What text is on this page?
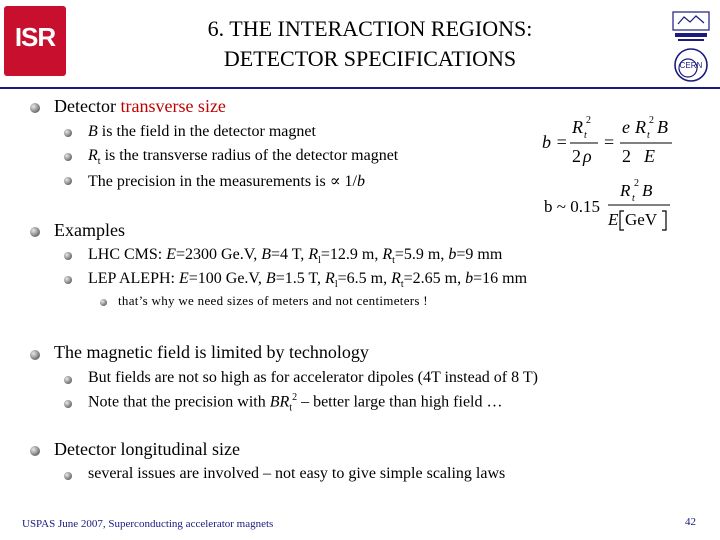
ISR	6. THE INTERACTION REGIONS:
DETECTOR SPECIFICATIONS	CERN
Detector transverse size
B is the field in the detector magnet
$R_t$ is the transverse radius of the detector magnet
The precision in the measurements is ∝ 1/b
b =
R t
2
2 ρ
=
e R t
2 B
2 E
b ~ 0.15
R t
2 B
E GeV
Examples
LHC CMS: E=2300 Ge.V, B=4 T, $R_l=12.9$ m, $R_t=5.9$ m, b=9 mm
LEP ALEPH: E=100 Ge.V, B=1.5 T, $R_l=6.5$ m, $R_t=2.65$ m, b=16 mm
that’s why we need sizes of meters and not centimeters !
The magnetic field is limited by technology
But fields are not so high as for accelerator dipoles (4T instead of 8 T)
Note that the precision with $BR_t^2$ – better large than high field …
Detector longitudinal size
several issues are involved – not easy to give simple scaling laws
USPAS June 2007, Superconducting accelerator magnets	42
